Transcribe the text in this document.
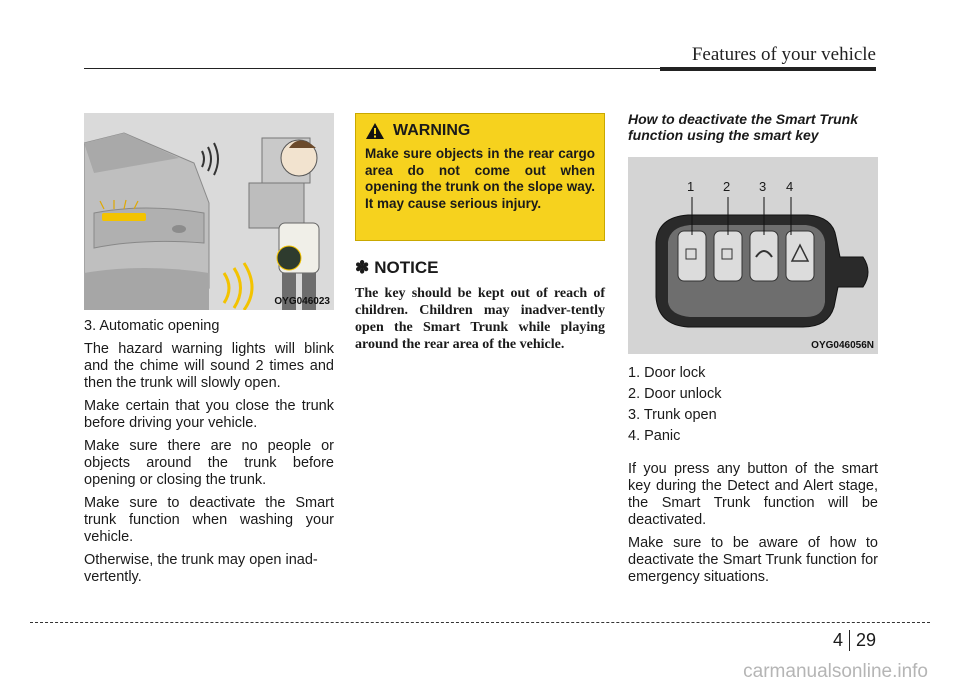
Features of your vehicle
OYG046023

3. Automatic opening

The hazard warning lights will blink and the chime will sound 2 times and then the trunk will slowly open.

Make certain that you close the trunk before driving your vehicle.

Make sure there are no people or objects around the trunk before opening or closing the trunk.

Make sure to deactivate the Smart trunk function when washing your vehicle.

Otherwise, the trunk may open inad-vertently.

WARNING
Make sure objects in the rear cargo area do not come out when opening the trunk on the slope way. It may cause serious injury.
✽ NOTICE
The key should be kept out of reach of children. Children may inadver-tently open the Smart Trunk while playing around the rear area of the vehicle.
How to deactivate the Smart Trunk function using the smart key
1 2 3 4
OYG046056N
1. Door lock
2. Door unlock
3. Trunk open
4. Panic

If you press any button of the smart key during the Detect and Alert stage, the Smart Trunk function will be deactivated.

Make sure to be aware of how to deactivate the Smart Trunk function for emergency situations.

4 29
carmanualsonline.info
